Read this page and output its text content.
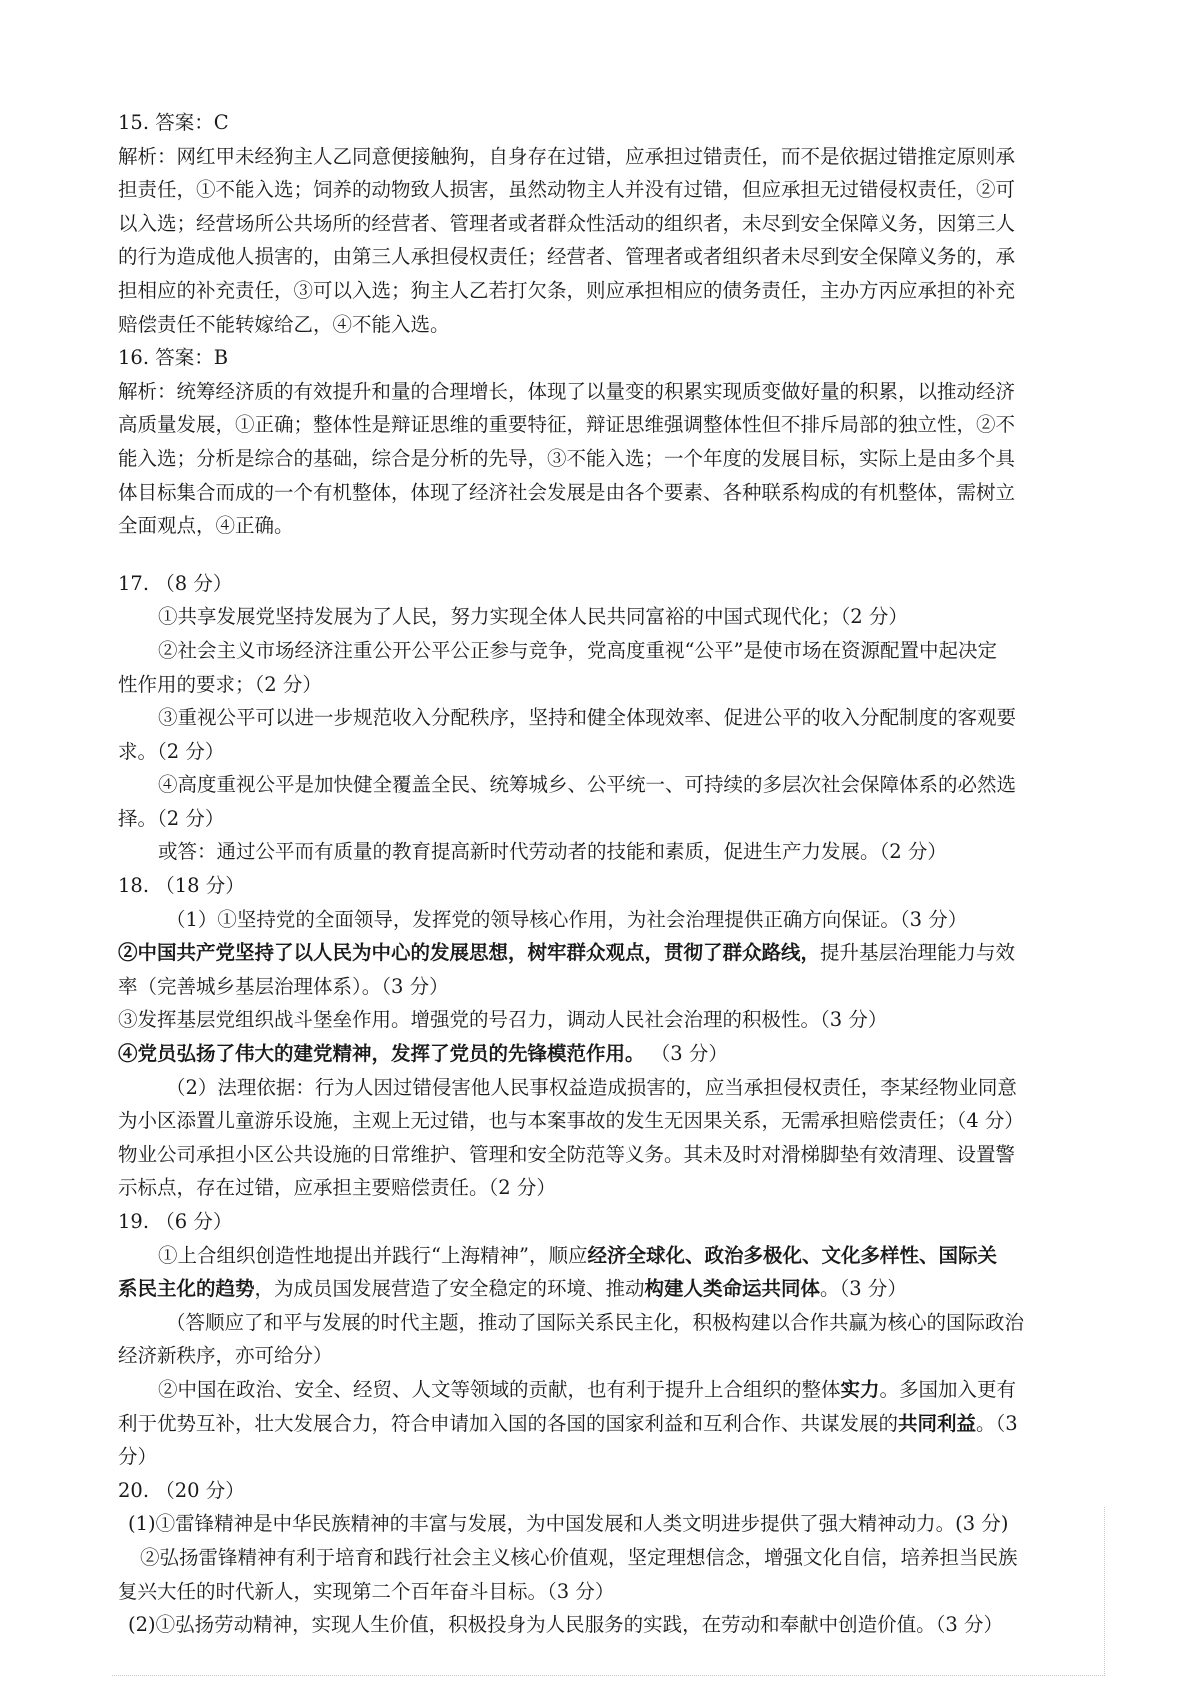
15. 答案：C
解析：网红甲未经狗主人乙同意便接触狗，自身存在过错，应承担过错责任，而不是依据过错推定原则承
担责任，①不能入选；饲养的动物致人损害，虽然动物主人并没有过错，但应承担无过错侵权责任，②可
以入选；经营场所公共场所的经营者、管理者或者群众性活动的组织者，未尽到安全保障义务，因第三人
的行为造成他人损害的，由第三人承担侵权责任；经营者、管理者或者组织者未尽到安全保障义务的，承
担相应的补充责任，③可以入选；狗主人乙若打欠条，则应承担相应的债务责任，主办方丙应承担的补充
赔偿责任不能转嫁给乙，④不能入选。
16. 答案：B
解析：统筹经济质的有效提升和量的合理增长，体现了以量变的积累实现质变做好量的积累，以推动经济
高质量发展，①正确；整体性是辩证思维的重要特征，辩证思维强调整体性但不排斥局部的独立性，②不
能入选；分析是综合的基础，综合是分析的先导，③不能入选；一个年度的发展目标，实际上是由多个具
体目标集合而成的一个有机整体，体现了经济社会发展是由各个要素、各种联系构成的有机整体，需树立
全面观点，④正确。
17. （8 分）
①共享发展党坚持发展为了人民，努力实现全体人民共同富裕的中国式现代化；（2 分）
②社会主义市场经济注重公开公平公正参与竞争，党高度重视“公平”是使市场在资源配置中起决定
性作用的要求；（2 分）
③重视公平可以进一步规范收入分配秩序，坚持和健全体现效率、促进公平的收入分配制度的客观要
求。（2 分）
④高度重视公平是加快健全覆盖全民、统筹城乡、公平统一、可持续的多层次社会保障体系的必然选
择。（2 分）
或答：通过公平而有质量的教育提高新时代劳动者的技能和素质，促进生产力发展。（2 分）
18. （18 分）
（1）①坚持党的全面领导，发挥党的领导核心作用，为社会治理提供正确方向保证。（3 分）
②中国共产党坚持了以人民为中心的发展思想，树牢群众观点，贯彻了群众路线，提升基层治理能力与效
率（完善城乡基层治理体系）。（3 分）
③发挥基层党组织战斗堡垒作用。增强党的号召力，调动人民社会治理的积极性。（3 分）
④党员弘扬了伟大的建党精神，发挥了党员的先锋模范作用。 （3 分）
（2）法理依据：行为人因过错侵害他人民事权益造成损害的，应当承担侵权责任，李某经物业同意
为小区添置儿童游乐设施，主观上无过错，也与本案事故的发生无因果关系，无需承担赔偿责任；（4 分）
物业公司承担小区公共设施的日常维护、管理和安全防范等义务。其未及时对滑梯脚垫有效清理、设置警
示标点，存在过错，应承担主要赔偿责任。（2 分）
19. （6 分）
①上合组织创造性地提出并践行“上海精神”，顺应经济全球化、政治多极化、文化多样性、国际关
系民主化的趋势，为成员国发展营造了安全稳定的环境、推动构建人类命运共同体。（3 分）
（答顺应了和平与发展的时代主题，推动了国际关系民主化，积极构建以合作共赢为核心的国际政治
经济新秩序，亦可给分）
②中国在政治、安全、经贸、人文等领域的贡献，也有利于提升上合组织的整体实力。多国加入更有
利于优势互补，壮大发展合力，符合申请加入国的各国的国家利益和互利合作、共谋发展的共同利益。（3
分）
20. （20 分）
(1)①雷锋精神是中华民族精神的丰富与发展，为中国发展和人类文明进步提供了强大精神动力。(3 分)
②弘扬雷锋精神有利于培育和践行社会主义核心价值观，坚定理想信念，增强文化自信，培养担当民族
复兴大任的时代新人，实现第二个百年奋斗目标。（3 分）
(2)①弘扬劳动精神，实现人生价值，积极投身为人民服务的实践，在劳动和奉献中创造价值。（3 分）
